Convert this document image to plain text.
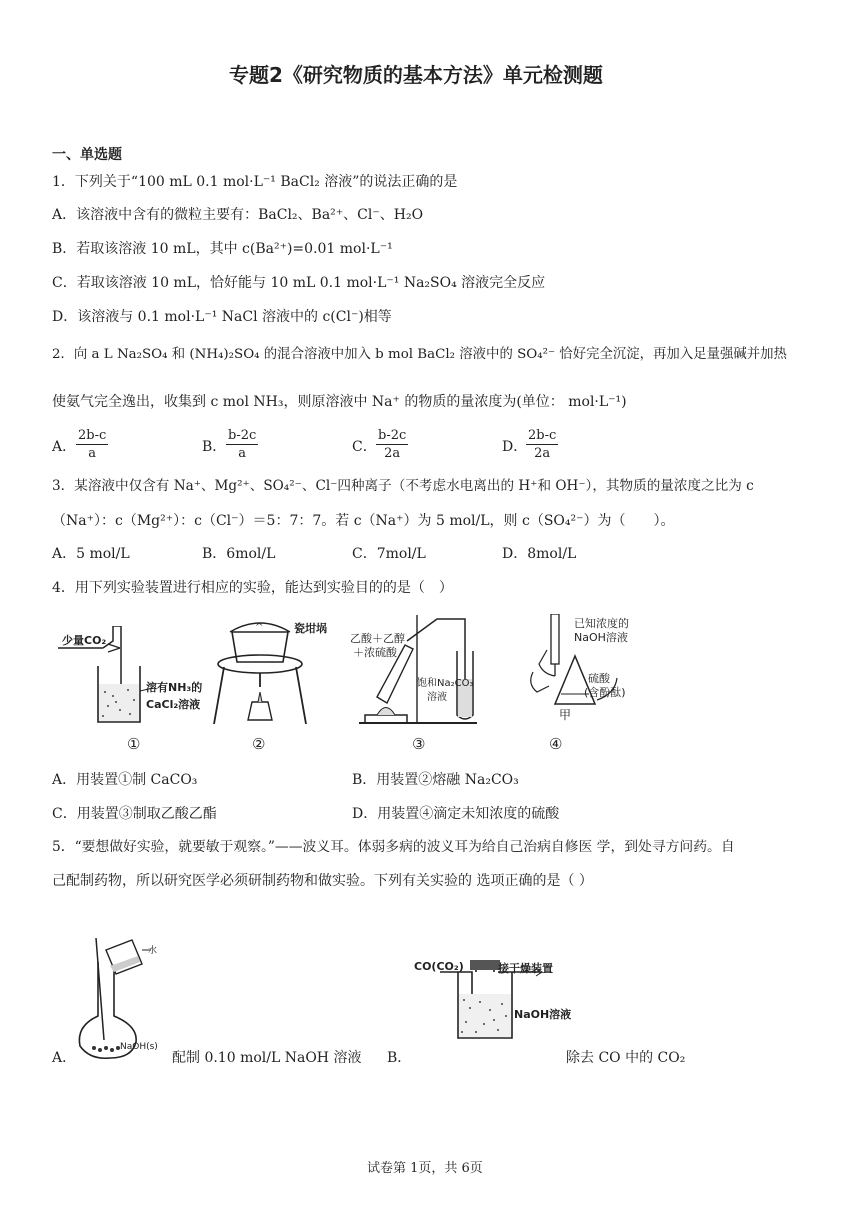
专题2《研究物质的基本方法》单元检测题
一、单选题
1．下列关于“100 mL 0.1 mol·L⁻¹ BaCl₂ 溶液”的说法正确的是
A．该溶液中含有的微粒主要有：BaCl₂、Ba²⁺、Cl⁻、H₂O
B．若取该溶液 10 mL，其中 c(Ba²⁺)=0.01 mol·L⁻¹
C．若取该溶液 10 mL，恰好能与 10 mL 0.1 mol·L⁻¹ Na₂SO₄ 溶液完全反应
D．该溶液与 0.1 mol·L⁻¹ NaCl 溶液中的 c(Cl⁻)相等
2．向 a L Na₂SO₄ 和 (NH₄)₂SO₄ 的混合溶液中加入 b mol BaCl₂ 溶液中的 SO₄²⁻ 恰好完全沉淀，再加入足量强碱并加热
使氨气完全逸出，收集到 c mol NH₃，则原溶液中 Na⁺ 的物质的量浓度为(单位： mol·L⁻¹)
A． $\frac{2b-c}{a}$	B． $\frac{b-2c}{a}$	C． $\frac{b-2c}{2a}$	D．
$\frac{2b-c}{2a}$
3．某溶液中仅含有 Na⁺、Mg²⁺、SO₄²⁻、Cl⁻四种离子（不考虑水电离出的 H⁺和 OH⁻），其物质的量浓度之比为 c
（Na⁺）：c（Mg²⁺）：c（Cl⁻）＝5：7：7。若 c（Na⁺）为 5 mol/L，则 c（SO₄²⁻）为（　　）。
A．5 mol/L	B．6mol/L	C．7mol/L	D．8mol/L
4．用下列实验装置进行相应的实验，能达到实验目的的是（　）
少量CO₂
溶有NH₃的
CaCl₂溶液
^	瓷坩埚
乙酸＋乙醇
＋浓硫酸
饱和Na₂CO₃
溶液
已知浓度的
NaOH溶液
硫酸
(含酚酞)
甲
①	②	③	④
A．用装置①制 CaCO₃	B．用装置②熔融 Na₂CO₃
C．用装置③制取乙酸乙酯	D．用装置④滴定未知浓度的硫酸
5．“要想做好实验，就要敏于观察。”——波义耳。体弱多病的波义耳为给自己治病自修医 学，到处寻方问药。自
己配制药物，所以研究医学必须研制药物和做实验。下列有关实验的 选项正确的是（ ）
水
NaOH(s)
A．	配制 0.10 mol/L NaOH 溶液
CO(CO₂)	接干燥装置
NaOH溶液
B．	除去 CO 中的 CO₂
试卷第 1页，共 6页
